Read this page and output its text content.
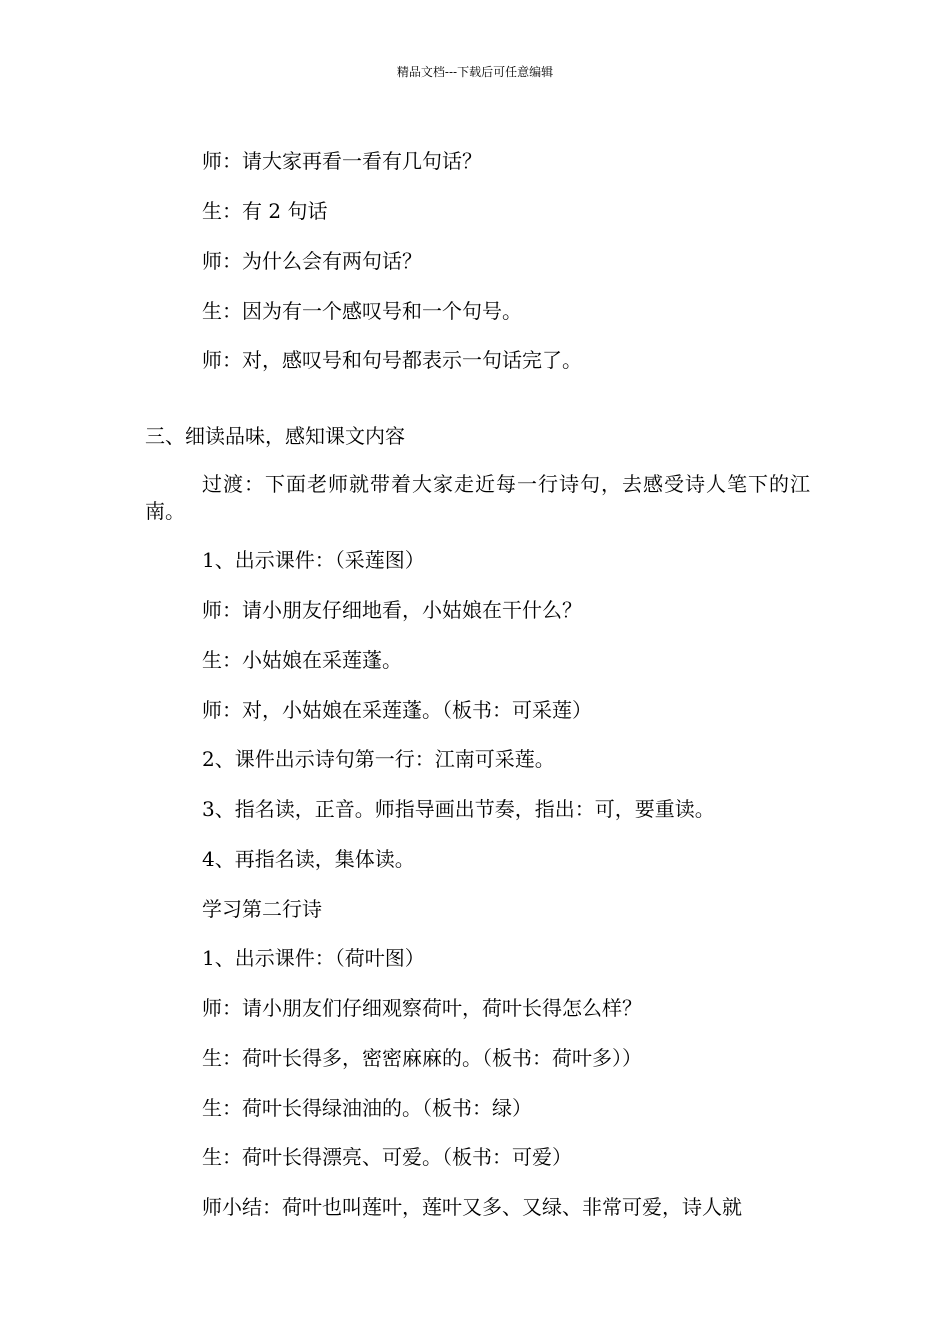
精品文档---下载后可任意编辑
师：请大家再看一看有几句话？
生：有 2 句话
师：为什么会有两句话？
生：因为有一个感叹号和一个句号。
师：对，感叹号和句号都表示一句话完了。
三、细读品味，感知课文内容
过渡：下面老师就带着大家走近每一行诗句，去感受诗人笔下的江南。
1、出示课件：（采莲图）
师：请小朋友仔细地看，小姑娘在干什么？
生：小姑娘在采莲蓬。
师：对，小姑娘在采莲蓬。（板书：可采莲）
2、课件出示诗句第一行：江南可采莲。
3、指名读，正音。师指导画出节奏，指出：可，要重读。
4、再指名读，集体读。
学习第二行诗
1、出示课件：（荷叶图）
师：请小朋友们仔细观察荷叶，荷叶长得怎么样？
生：荷叶长得多，密密麻麻的。（板书：荷叶多））
生：荷叶长得绿油油的。（板书：绿）
生：荷叶长得漂亮、可爱。（板书：可爱）
师小结：荷叶也叫莲叶，莲叶又多、又绿、非常可爱，诗人就
